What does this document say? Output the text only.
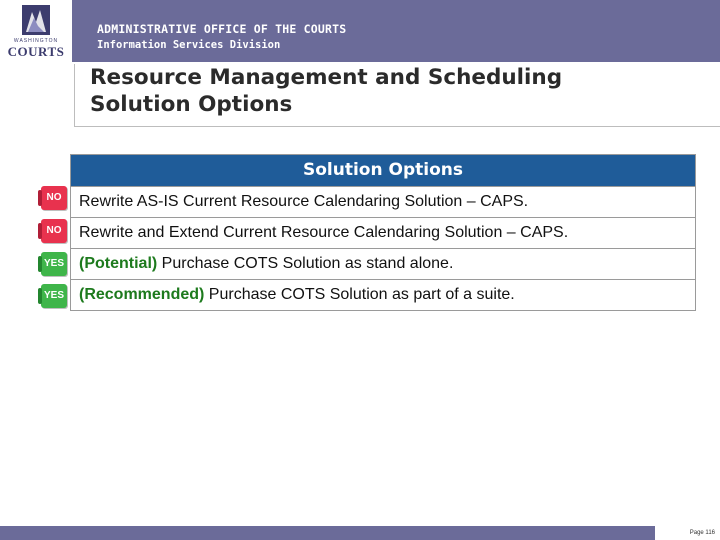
WASHINGTON
COURTS
ADMINISTRATIVE OFFICE OF THE COURTS
Information Services Division
Resource Management and Scheduling
Solution Options
NO
NO
YES
YES
Solution Options
Rewrite AS-IS Current Resource Calendaring Solution – CAPS.
Rewrite and Extend Current Resource Calendaring Solution – CAPS.
(Potential) Purchase COTS Solution as stand alone.
(Recommended) Purchase COTS Solution as part of a suite.
Page 116
